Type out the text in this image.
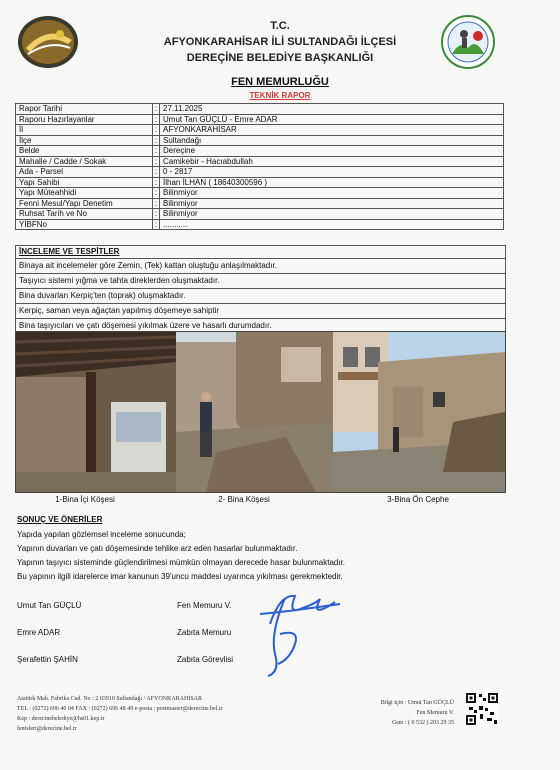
T.C.
AFYONKARAHİSAR İLİ SULTANDAĞI İLÇESİ
DEREÇİNE BELEDİYE BAŞKANLIĞI
FEN MEMURLUĞU
TEKNİK RAPOR
Rapor Tarihi	:	27.11.2025
Raporu Hazırlayanlar	:	Umut Tan GÜÇLÜ - Emre ADAR
İl	:	AFYONKARAHİSAR
İlçe	:	Sultandağı
Belde	:	Dereçine
Mahalle / Cadde / Sokak	:	Camikebir - Hacıabdullah
Ada - Parsel	:	0 - 2817
Yapı Sahibi	:	İlhan İLHAN ( 18640300596 )
Yapı Müteahhidi	:	Bilinmiyor
Fenni Mesul/Yapı Denetim	:	Bilinmiyor
Ruhsat Tarih ve No	:	Bilinmiyor
YİBFNo	:	...........
İNCELEME VE TESPİTLER
Binaya ait incelemeler göre Zemin, (Tek) kattan oluştuğu anlaşılmaktadır.
Taşıyıcı sistemi yığma ve tahta direklerden oluşmaktadır.
Bina duvarları Kerpiç'ten (toprak) oluşmaktadır.
Kerpiç, saman veya ağaçtan yapılmış döşemeye sahiptir
Bina taşıyıcıları ve çatı döşemesi yıkılmak üzere ve hasarlı durumdadır.
1-Bina İçi Köşesi	2- Bina Köşesi	3-Bina Ön Cephe
SONUÇ VE ÖNERİLER
Yapıda yapılan gözlemsel inceleme sonucunda;
Yapının duvarları ve çatı döşemesinde tehlike arz eden hasarlar bulunmaktadır.
Yapının taşıyıcı sisteminde güçlendirilmesi mümkün olmayan derecede hasar bulunmaktadır.
Bu yapının ilgili idarelerce imar kanunun 39'uncu maddesi uyarınca yıkılması gerekmektedir.
Umut Tan GÜÇLÜ	Fen Memuru V.
Emre ADAR	Zabıta Memuru
Şerafettin ŞAHİN	Zabıta Görevlisi
Atatürk Mah. Fabrika Cad. No : 2 03910 Sultandağı / AFYONKARAHİSAR
TEL : (0272) 696 40 04 FAX : (0272) 696 48 49 e-posta : postmaster@derecine.bel.tr
Kep : derecinebelediye@hs01.kep.tr
fenisleri@derecine.bel.tr
Bilgi için : Umut Tan GÜÇLÜ
Fen Memuru V.
Gsm : ( 0 532 ) 203 29 35
